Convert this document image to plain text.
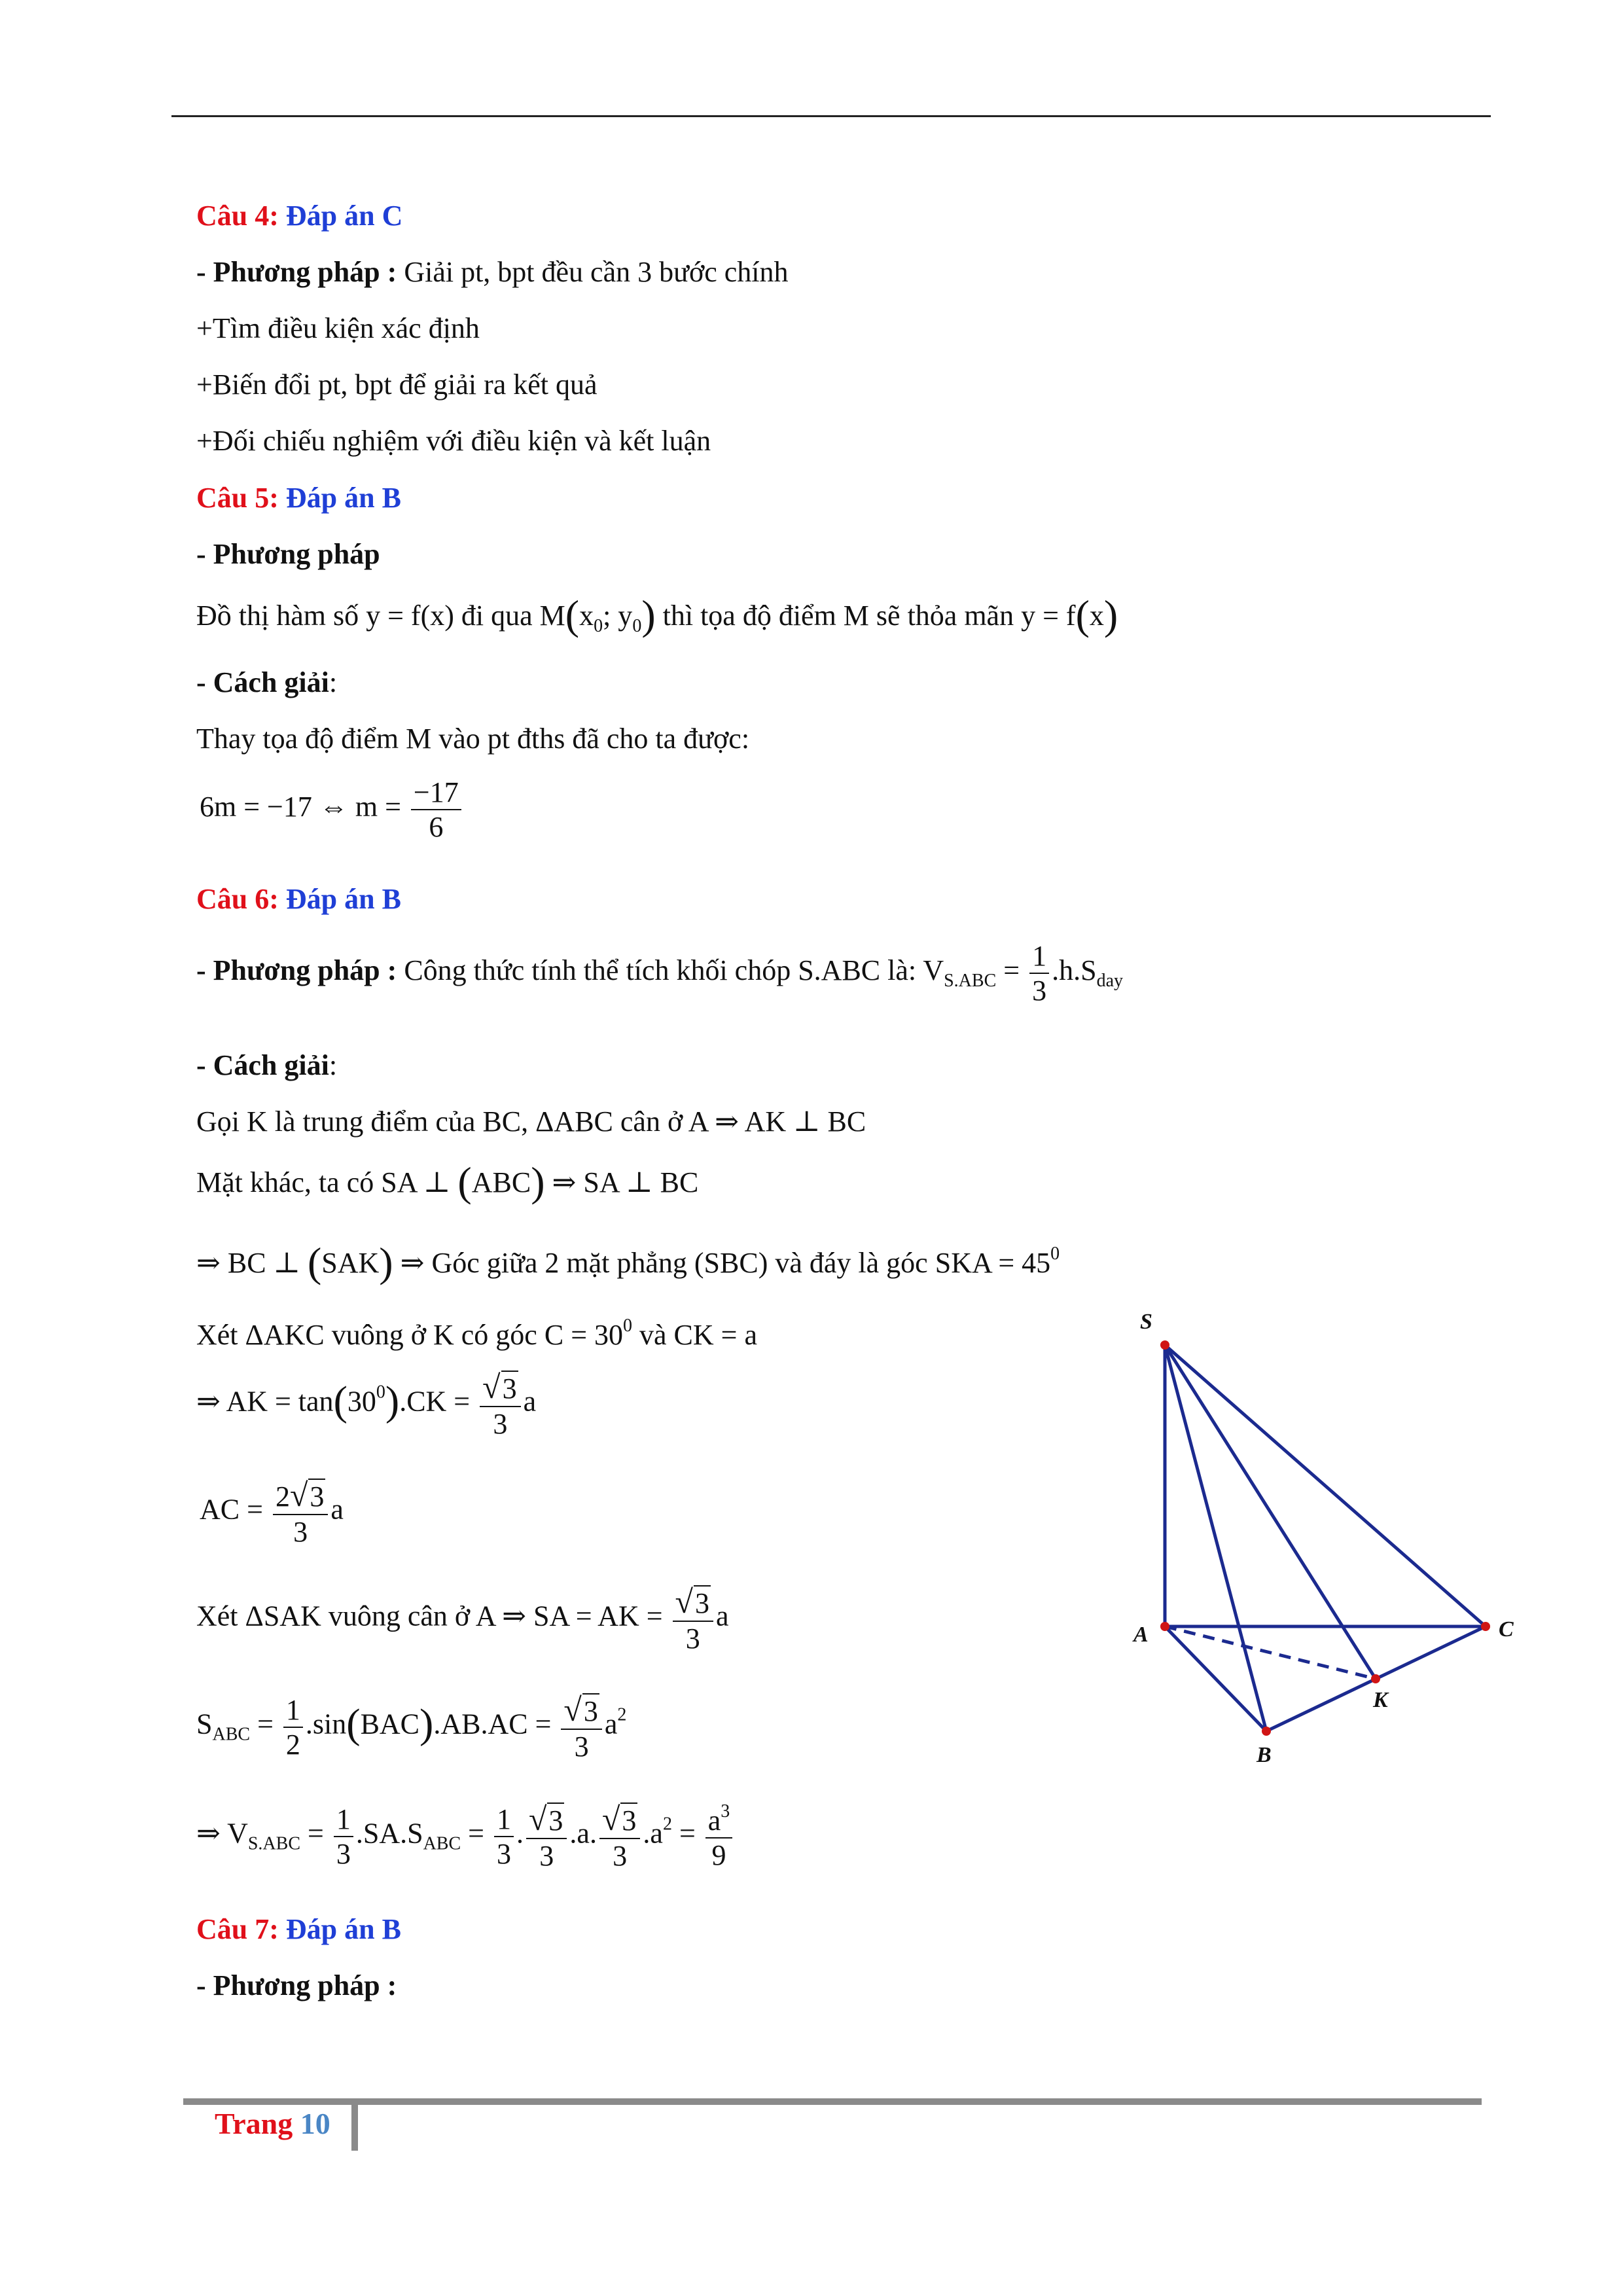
Câu 4: Đáp án C
- Phương pháp : Giải pt, bpt đều cần 3 bước chính
+Tìm điều kiện xác định
+Biến đổi pt, bpt để giải ra kết quả
+Đối chiếu nghiệm với điều kiện và kết luận
Câu 5: Đáp án B
- Phương pháp
Đồ thị hàm số y = f(x) đi qua $M(x_0$; $y_0$) thì tọa độ điểm M sẽ thỏa mãn y = f(x)
- Cách giải:
Thay tọa độ điểm M vào pt đths đã cho ta được:
6m = −17 ⇔ $m = \frac{-17}{6}$
Câu 6: Đáp án B
- Phương pháp : Công thức tính thể tích khối chóp S.ABC là: $V_{S.ABC} = \frac{1}{3} .h.S_{day}$
- Cách giải:
Gọi K là trung điểm của BC, ΔABC cân ở A ⇒ AK ⊥ BC
Mặt khác, ta có SA ⊥ (ABC) ⇒ SA ⊥ BC
⇒ BC ⊥ (SAK) ⇒ Góc giữa 2 mặt phẳng (SBC) và đáy là góc SKA = $45^0$
Xét ΔAKC vuông ở K có góc $C = 30^0$ và CK = a
⇒ AK = $\tan(30^0).CK = \frac{√3}{3}$ a
AC = $\frac{2√3}{3}$ a
Xét ΔSAK vuông cân ở A ⇒ SA = AK = $\frac{√3}{3}$ a
$S_{ABC} = \frac{1}{2} .\sin(BAC).AB.AC = \frac{√3}{3} a^2$
⇒ $V_{S.ABC} = \frac{1}{3} .SA.S_{ABC} = \frac{1}{3}$ . $\frac{√3}{3} .a$. $\frac{√3}{3} .a^2 = \frac{a^3}{9}$
Câu 7: Đáp án B
- Phương pháp :
S
A
B
C
K
Trang 10
